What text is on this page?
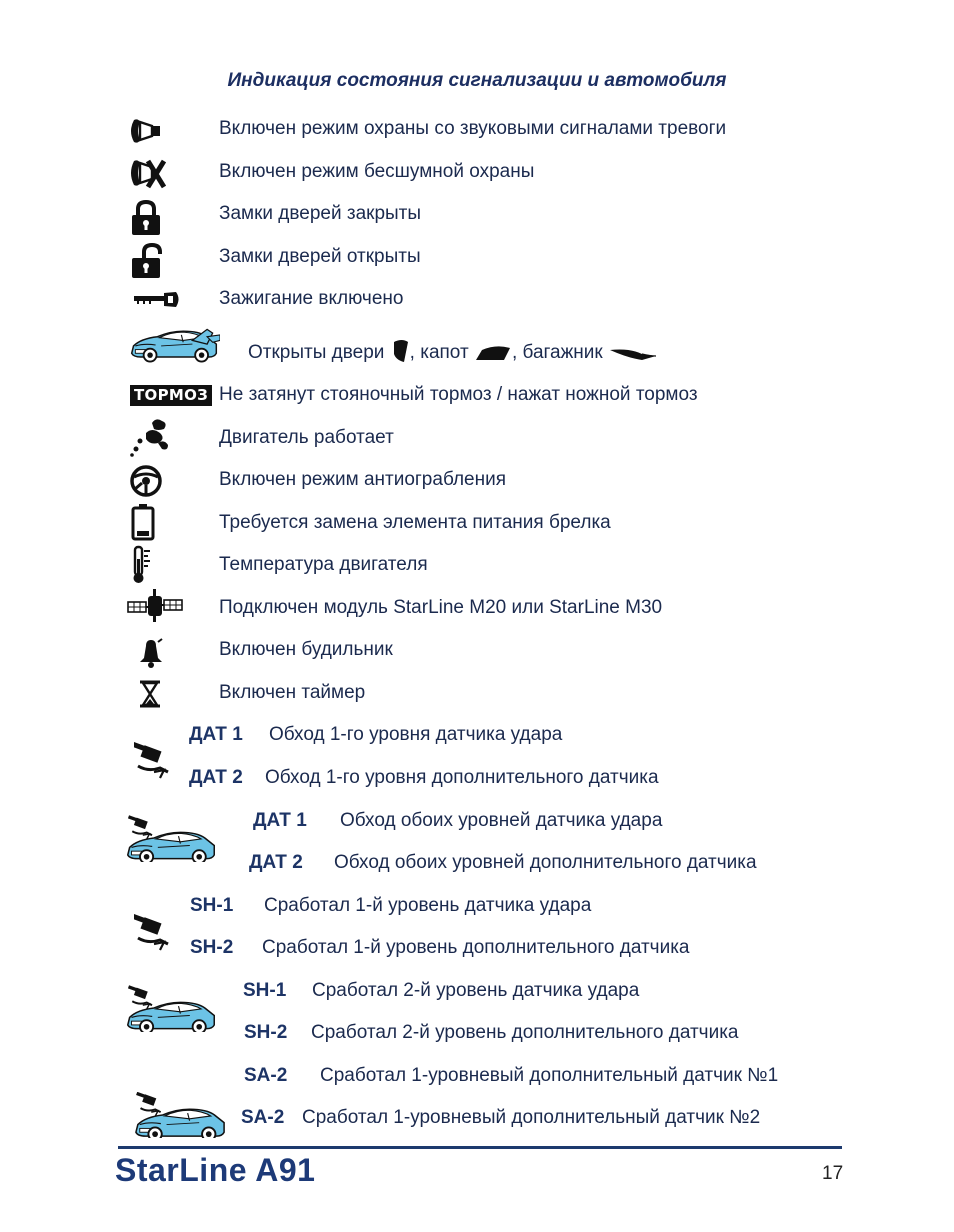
Индикация состояния сигнализации и автомобиля
Включен режим охраны со звуковыми сигналами тревоги
Включен режим бесшумной охраны
Замки дверей закрыты
Замки дверей открыты
Зажигание включено
Открыты двери , капот , багажник
ТОРМОЗ Не затянут стояночный тормоз / нажат ножной тормоз
Двигатель работает
Включен режим антиограбления
Требуется замена элемента питания брелка
Температура двигателя
Подключен модуль StarLine M20 или StarLine M30
Включен будильник
Включен таймер
ДАТ 1 Обход 1-го уровня датчика удара
ДАТ 2 Обход 1-го уровня дополнительного датчика
ДАТ 1 Обход обоих уровней датчика удара
ДАТ 2 Обход обоих уровней дополнительного датчика
SH-1 Сработал 1-й уровень датчика удара
SH-2 Сработал 1-й уровень дополнительного датчика
SH-1 Сработал 2-й уровень датчика удара
SH-2 Сработал 2-й уровень дополнительного датчика
SA-2 Сработал 1-уровневый дополнительный датчик №1
SA-2 Сработал 1-уровневый дополнительный датчик №2
StarLine A91	17
